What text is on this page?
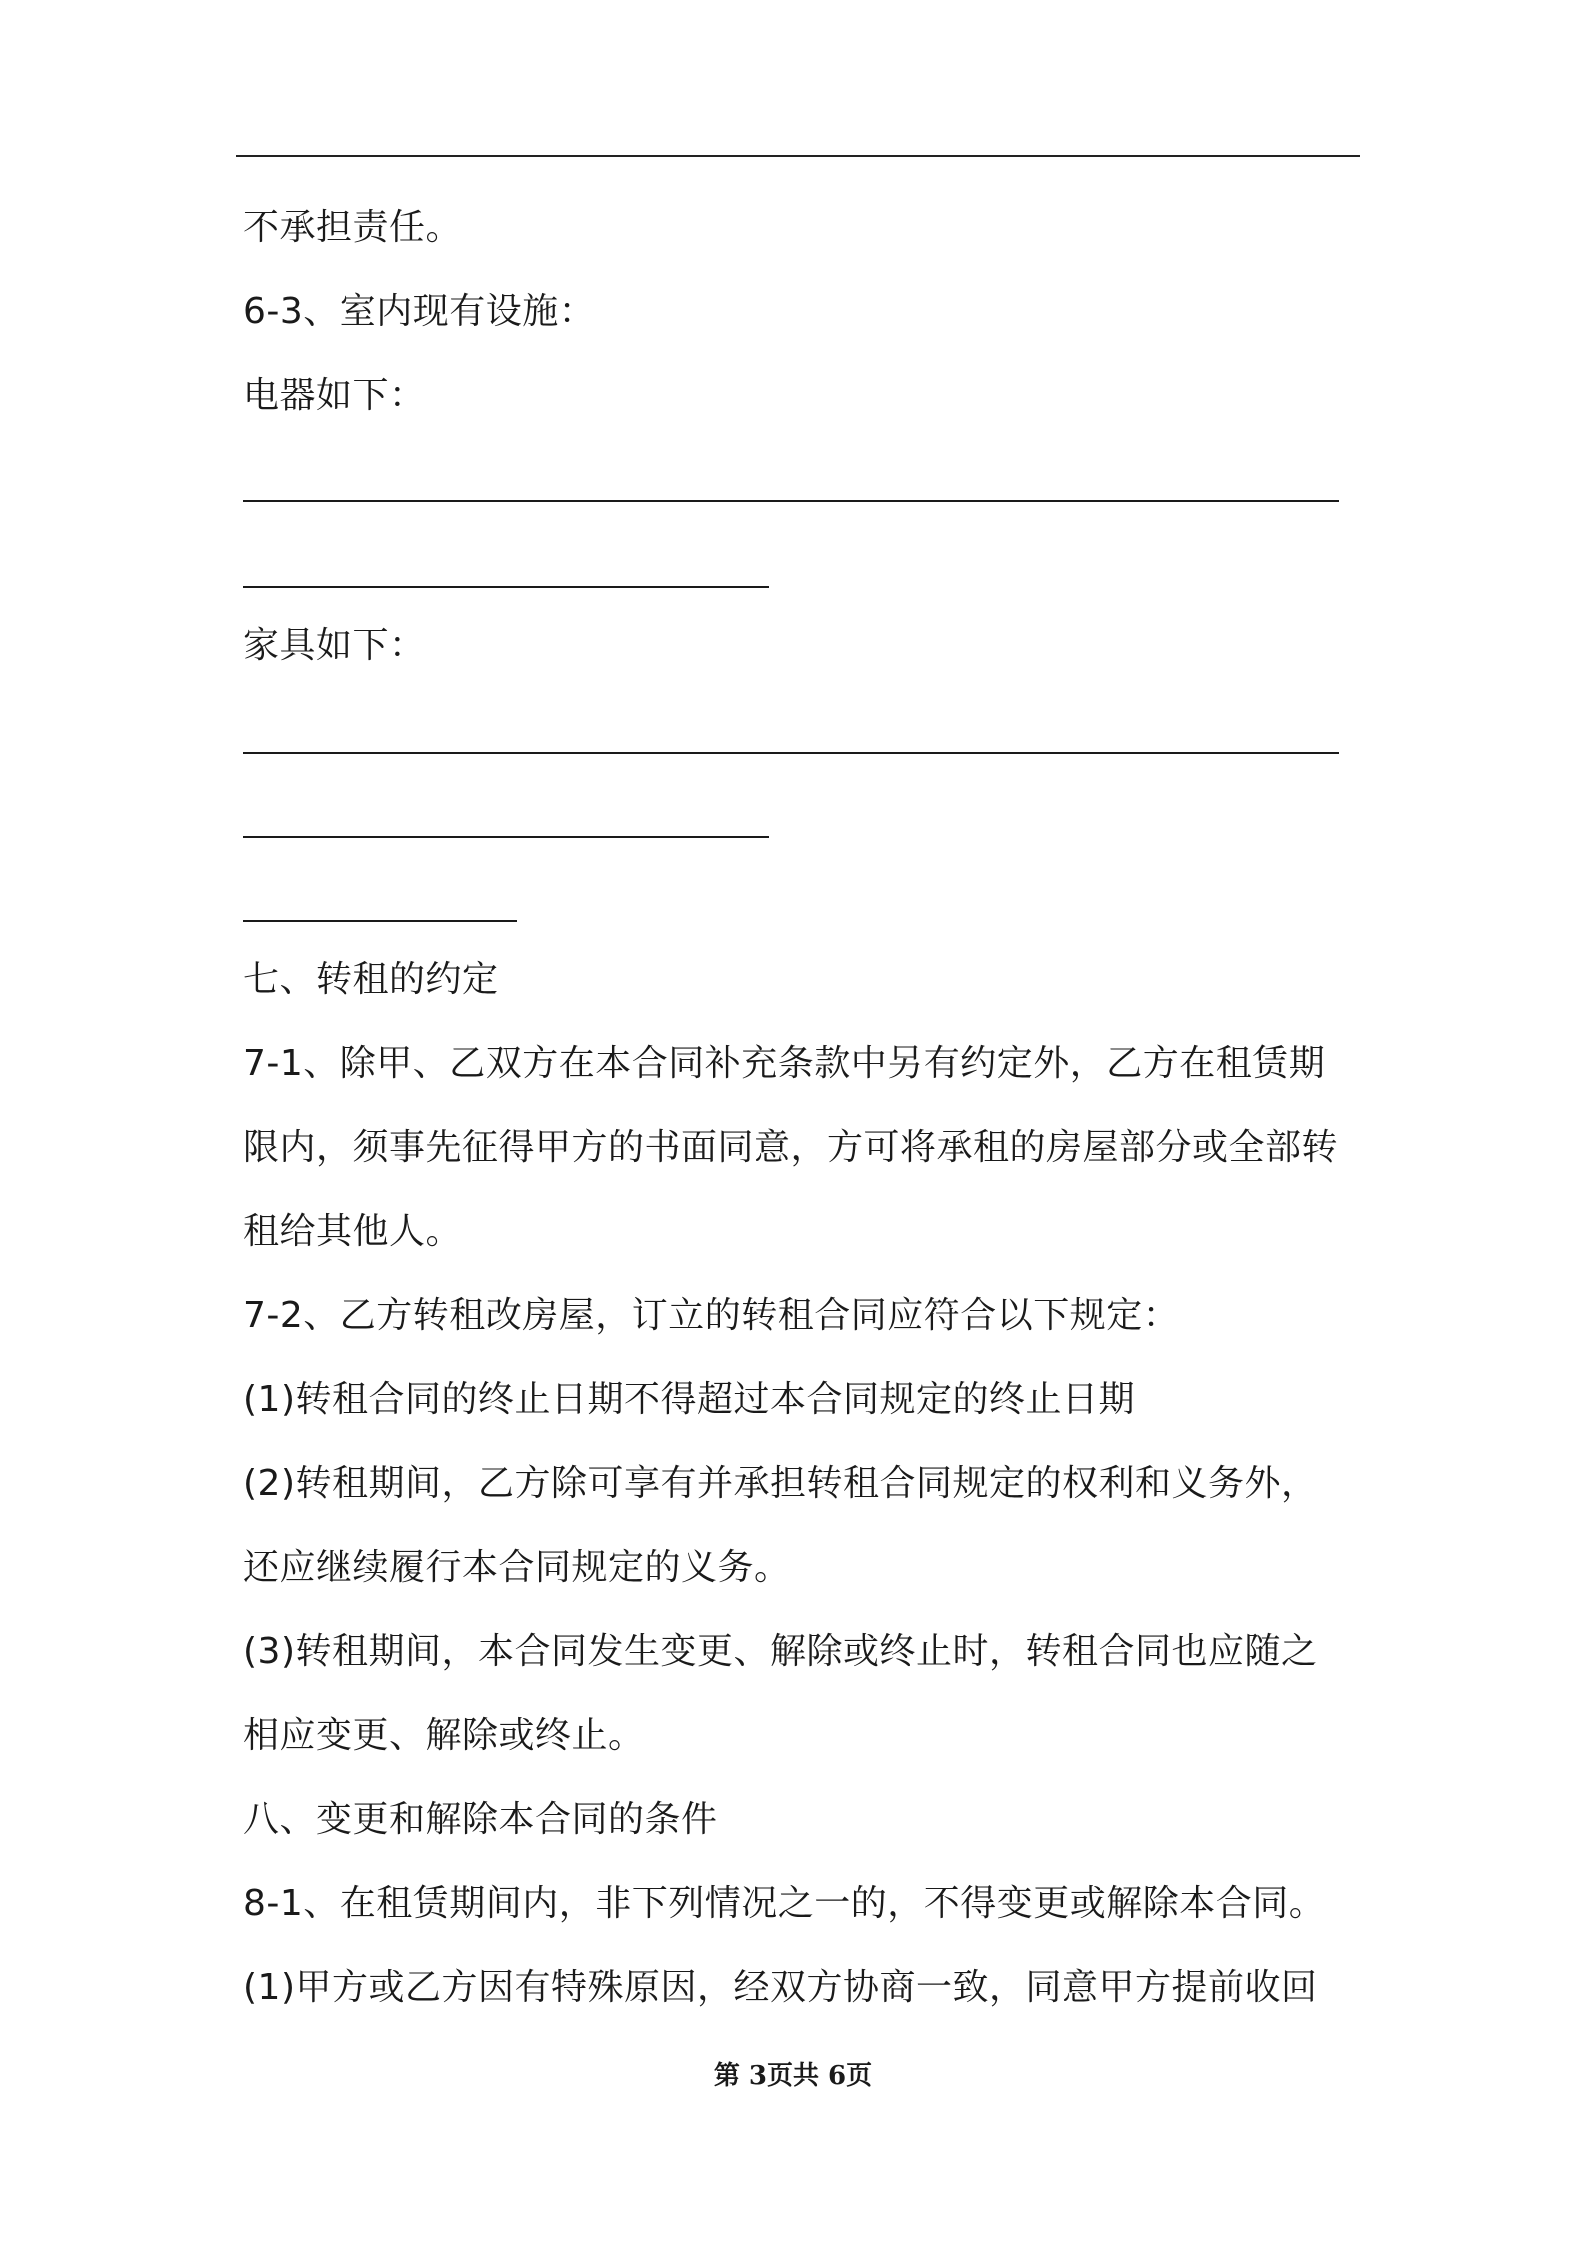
不承担责任。
6-3、室内现有设施：
电器如下：
家具如下：
七、转租的约定
7-1、除甲、乙双方在本合同补充条款中另有约定外，乙方在租赁期
限内，须事先征得甲方的书面同意，方可将承租的房屋部分或全部转
租给其他人。
7-2、乙方转租改房屋，订立的转租合同应符合以下规定：
(1)转租合同的终止日期不得超过本合同规定的终止日期
(2)转租期间，乙方除可享有并承担转租合同规定的权利和义务外，
还应继续履行本合同规定的义务。
(3)转租期间，本合同发生变更、解除或终止时，转租合同也应随之
相应变更、解除或终止。
八、变更和解除本合同的条件
8-1、在租赁期间内，非下列情况之一的，不得变更或解除本合同。
(1)甲方或乙方因有特殊原因，经双方协商一致，同意甲方提前收回
第 3页共 6页
